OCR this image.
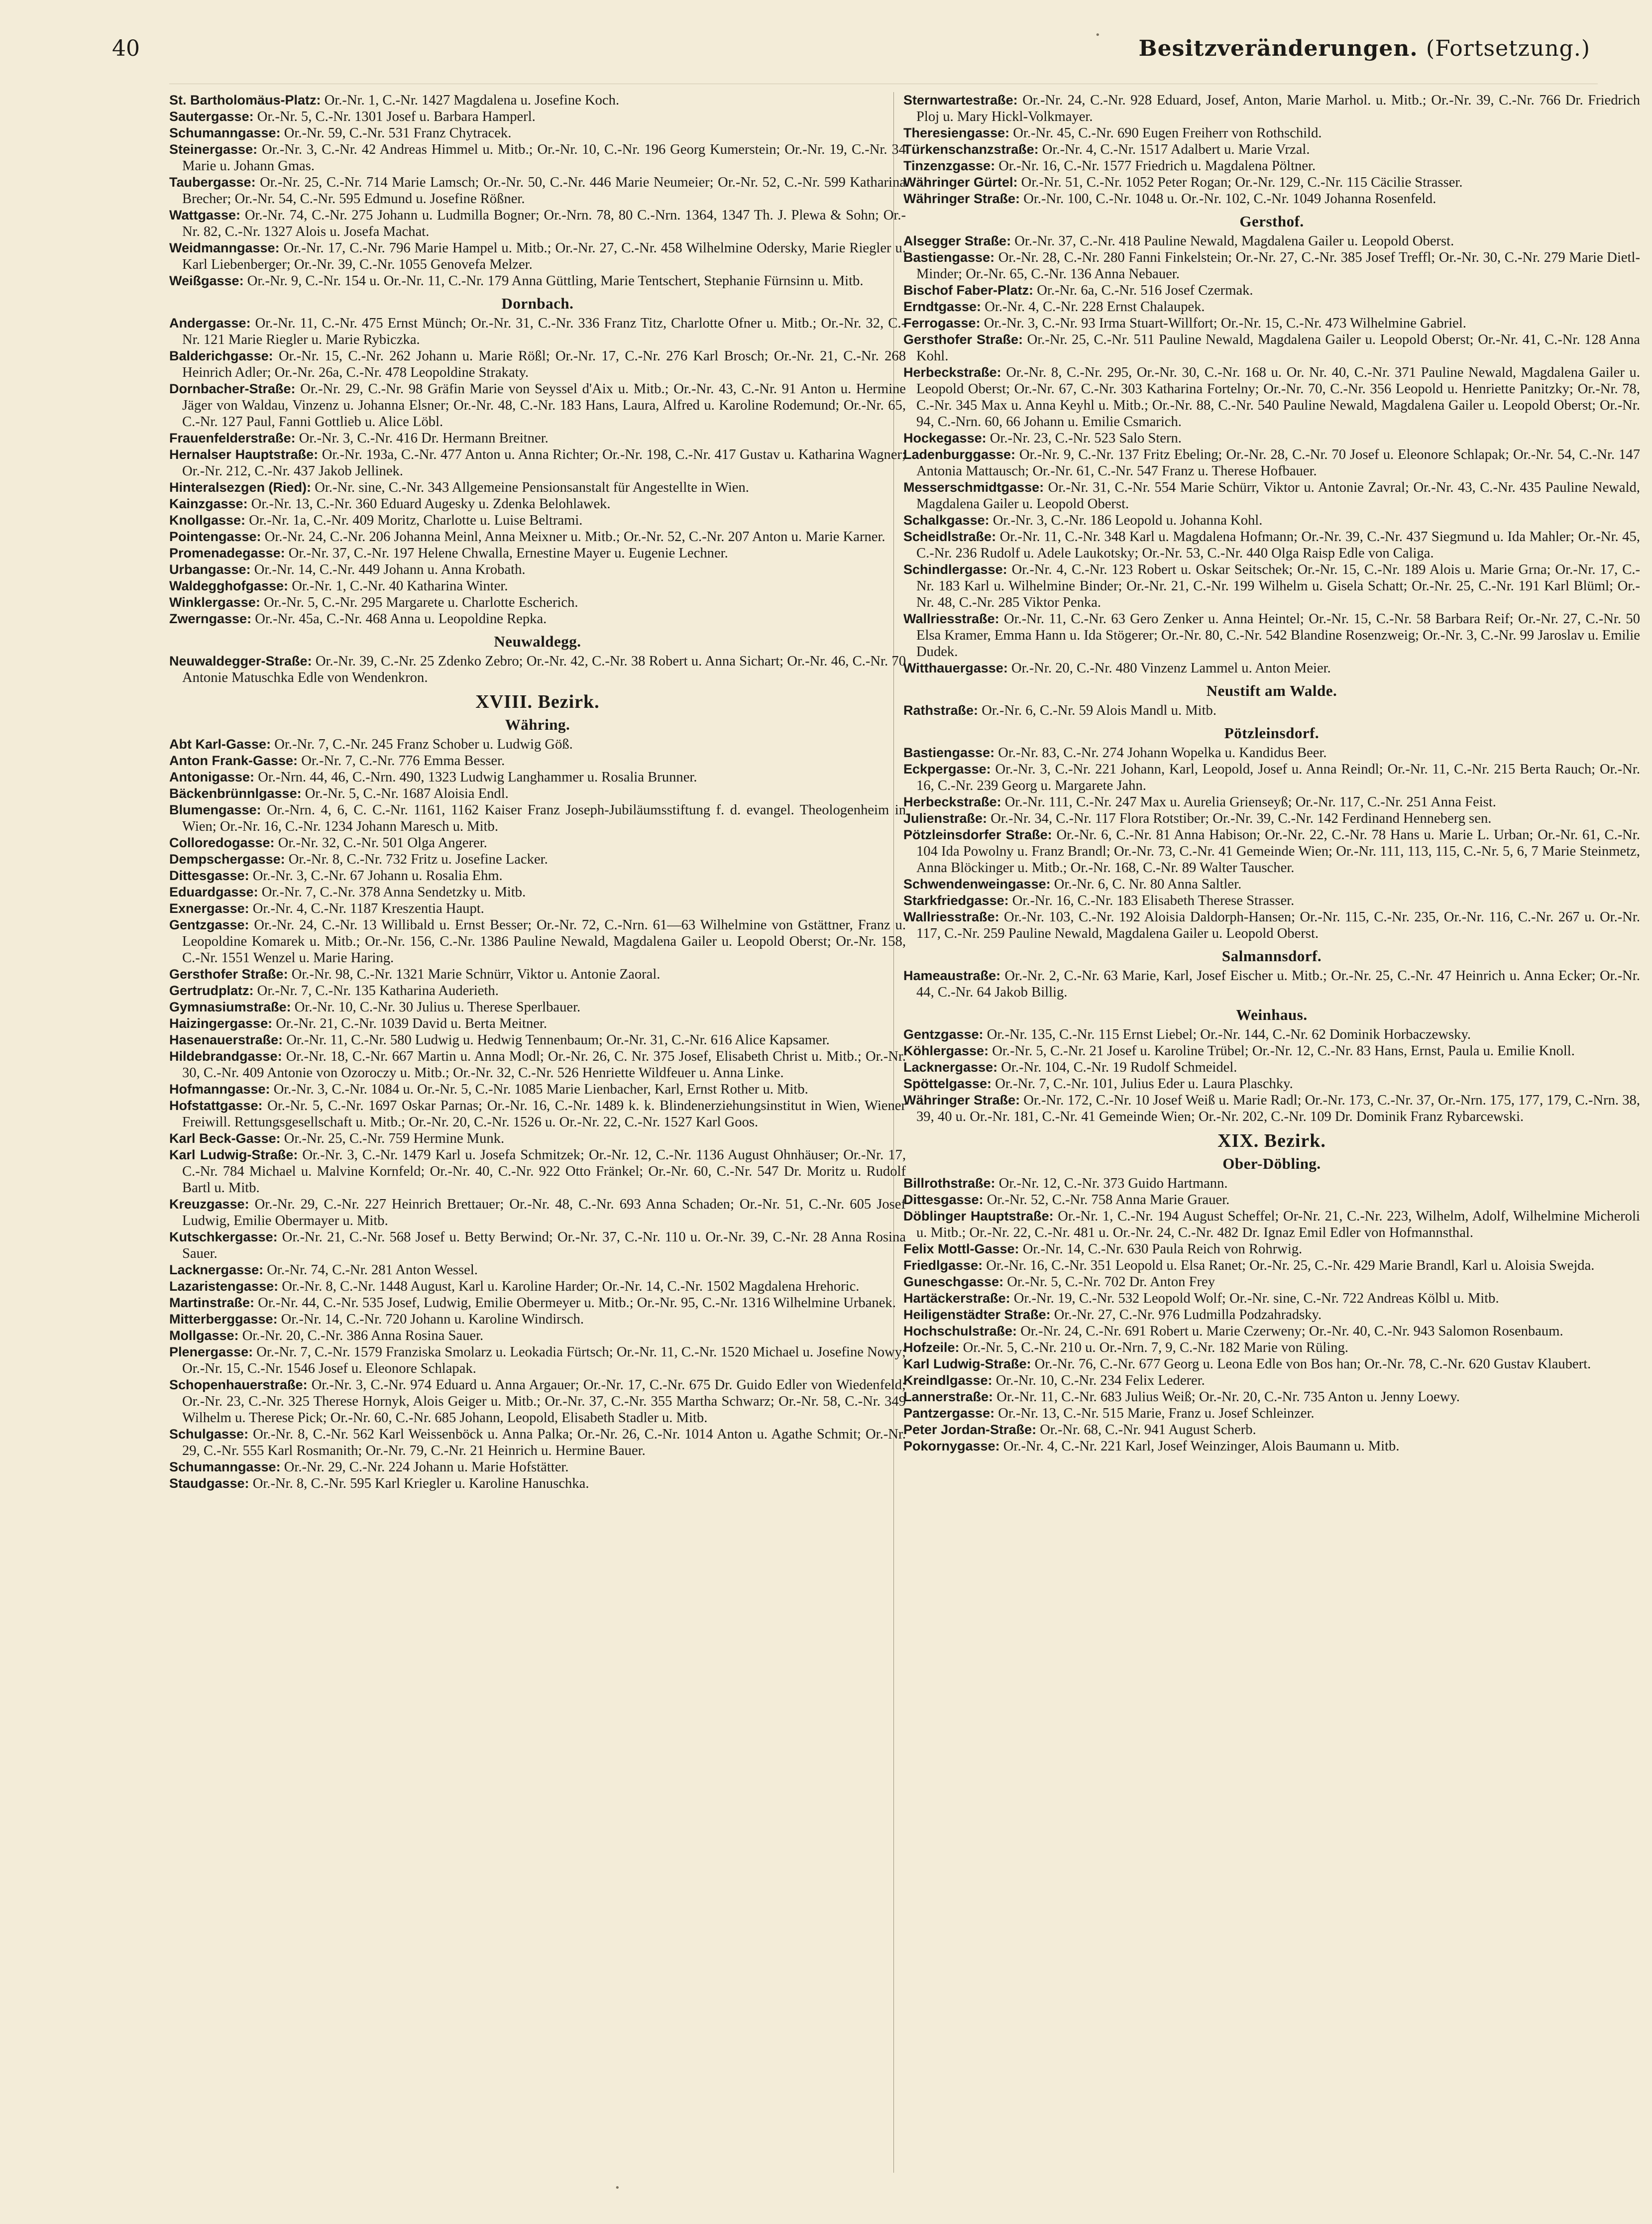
40	Besitzveränderungen. (Fortsetzung.)
•

St. Bartholomäus-Platz: Or.-Nr. 1, C.-Nr. 1427 Magdalena u. Josefine Koch.

Sautergasse: Or.-Nr. 5, C.-Nr. 1301 Josef u. Barbara Hamperl.

Schumanngasse: Or.-Nr. 59, C.-Nr. 531 Franz Chytracek.

Steinergasse: Or.-Nr. 3, C.-Nr. 42 Andreas Himmel u. Mitb.; Or.-Nr. 10, C.-Nr. 196 Georg Kumerstein; Or.-Nr. 19, C.-Nr. 34 Marie u. Johann Gmas.

Taubergasse: Or.-Nr. 25, C.-Nr. 714 Marie Lamsch; Or.-Nr. 50, C.-Nr. 446 Marie Neumeier; Or.-Nr. 52, C.-Nr. 599 Katharina Brecher; Or.-Nr. 54, C.-Nr. 595 Edmund u. Josefine Rößner.

Wattgasse: Or.-Nr. 74, C.-Nr. 275 Johann u. Ludmilla Bogner; Or.-Nrn. 78, 80 C.-Nrn. 1364, 1347 Th. J. Plewa & Sohn; Or.-Nr. 82, C.-Nr. 1327 Alois u. Josefa Machat.

Weidmanngasse: Or.-Nr. 17, C.-Nr. 796 Marie Hampel u. Mitb.; Or.-Nr. 27, C.-Nr. 458 Wilhelmine Odersky, Marie Riegler u. Karl Liebenberger; Or.-Nr. 39, C.-Nr. 1055 Genovefa Melzer.

Weißgasse: Or.-Nr. 9, C.-Nr. 154 u. Or.-Nr. 11, C.-Nr. 179 Anna Güttling, Marie Tentschert, Stephanie Fürnsinn u. Mitb.

Dornbach.

Andergasse: Or.-Nr. 11, C.-Nr. 475 Ernst Münch; Or.-Nr. 31, C.-Nr. 336 Franz Titz, Charlotte Ofner u. Mitb.; Or.-Nr. 32, C.-Nr. 121 Marie Riegler u. Marie Rybiczka.

Balderichgasse: Or.-Nr. 15, C.-Nr. 262 Johann u. Marie Rößl; Or.-Nr. 17, C.-Nr. 276 Karl Brosch; Or.-Nr. 21, C.-Nr. 268 Heinrich Adler; Or.-Nr. 26a, C.-Nr. 478 Leopoldine Strakaty.

Dornbacher-Straße: Or.-Nr. 29, C.-Nr. 98 Gräfin Marie von Seyssel d'Aix u. Mitb.; Or.-Nr. 43, C.-Nr. 91 Anton u. Hermine Jäger von Waldau, Vinzenz u. Johanna Elsner; Or.-Nr. 48, C.-Nr. 183 Hans, Laura, Alfred u. Karoline Rodemund; Or.-Nr. 65, C.-Nr. 127 Paul, Fanni Gottlieb u. Alice Löbl.

Frauenfelderstraße: Or.-Nr. 3, C.-Nr. 416 Dr. Hermann Breitner.

Hernalser Hauptstraße: Or.-Nr. 193a, C.-Nr. 477 Anton u. Anna Richter; Or.-Nr. 198, C.-Nr. 417 Gustav u. Katharina Wagner; Or.-Nr. 212, C.-Nr. 437 Jakob Jellinek.

Hinteralsezgen (Ried): Or.-Nr. sine, C.-Nr. 343 Allgemeine Pensionsanstalt für Angestellte in Wien.

Kainzgasse: Or.-Nr. 13, C.-Nr. 360 Eduard Augesky u. Zdenka Belohlawek.

Knollgasse: Or.-Nr. 1a, C.-Nr. 409 Moritz, Charlotte u. Luise Beltrami.

Pointengasse: Or.-Nr. 24, C.-Nr. 206 Johanna Meinl, Anna Meixner u. Mitb.; Or.-Nr. 52, C.-Nr. 207 Anton u. Marie Karner.

Promenadegasse: Or.-Nr. 37, C.-Nr. 197 Helene Chwalla, Ernestine Mayer u. Eugenie Lechner.

Urbangasse: Or.-Nr. 14, C.-Nr. 449 Johann u. Anna Krobath.

Waldegghofgasse: Or.-Nr. 1, C.-Nr. 40 Katharina Winter.

Winklergasse: Or.-Nr. 5, C.-Nr. 295 Margarete u. Charlotte Escherich.

Zwerngasse: Or.-Nr. 45a, C.-Nr. 468 Anna u. Leopoldine Repka.

Neuwaldegg.

Neuwaldegger-Straße: Or.-Nr. 39, C.-Nr. 25 Zdenko Zebro; Or.-Nr. 42, C.-Nr. 38 Robert u. Anna Sichart; Or.-Nr. 46, C.-Nr. 70 Antonie Matuschka Edle von Wendenkron.

XVIII. Bezirk.
Währing.

Abt Karl-Gasse: Or.-Nr. 7, C.-Nr. 245 Franz Schober u. Ludwig Göß.

Anton Frank-Gasse: Or.-Nr. 7, C.-Nr. 776 Emma Besser.

Antonigasse: Or.-Nrn. 44, 46, C.-Nrn. 490, 1323 Ludwig Langhammer u. Rosalia Brunner.

Bäckenbrünnlgasse: Or.-Nr. 5, C.-Nr. 1687 Aloisia Endl.

Blumengasse: Or.-Nrn. 4, 6, C. C.-Nr. 1161, 1162 Kaiser Franz Joseph-Jubiläumsstiftung f. d. evangel. Theologenheim in Wien; Or.-Nr. 16, C.-Nr. 1234 Johann Maresch u. Mitb.

Colloredogasse: Or.-Nr. 32, C.-Nr. 501 Olga Angerer.

Dempschergasse: Or.-Nr. 8, C.-Nr. 732 Fritz u. Josefine Lacker.

Dittesgasse: Or.-Nr. 3, C.-Nr. 67 Johann u. Rosalia Ehm.

Eduardgasse: Or.-Nr. 7, C.-Nr. 378 Anna Sendetzky u. Mitb.

Exnergasse: Or.-Nr. 4, C.-Nr. 1187 Kreszentia Haupt.

Gentzgasse: Or.-Nr. 24, C.-Nr. 13 Willibald u. Ernst Besser; Or.-Nr. 72, C.-Nrn. 61—63 Wilhelmine von Gstättner, Franz u. Leopoldine Komarek u. Mitb.; Or.-Nr. 156, C.-Nr. 1386 Pauline Newald, Magdalena Gailer u. Leopold Oberst; Or.-Nr. 158, C.-Nr. 1551 Wenzel u. Marie Haring.

Gersthofer Straße: Or.-Nr. 98, C.-Nr. 1321 Marie Schnürr, Viktor u. Antonie Zaoral.

Gertrudplatz: Or.-Nr. 7, C.-Nr. 135 Katharina Auderieth.

Gymnasiumstraße: Or.-Nr. 10, C.-Nr. 30 Julius u. Therese Sperlbauer.

Haizingergasse: Or.-Nr. 21, C.-Nr. 1039 David u. Berta Meitner.

Hasenauerstraße: Or.-Nr. 11, C.-Nr. 580 Ludwig u. Hedwig Tennenbaum; Or.-Nr. 31, C.-Nr. 616 Alice Kapsamer.

Hildebrandgasse: Or.-Nr. 18, C.-Nr. 667 Martin u. Anna Modl; Or.-Nr. 26, C. Nr. 375 Josef, Elisabeth Christ u. Mitb.; Or.-Nr. 30, C.-Nr. 409 Antonie von Ozoroczy u. Mitb.; Or.-Nr. 32, C.-Nr. 526 Henriette Wildfeuer u. Anna Linke.

Hofmanngasse: Or.-Nr. 3, C.-Nr. 1084 u. Or.-Nr. 5, C.-Nr. 1085 Marie Lienbacher, Karl, Ernst Rother u. Mitb.

Hofstattgasse: Or.-Nr. 5, C.-Nr. 1697 Oskar Parnas; Or.-Nr. 16, C.-Nr. 1489 k. k. Blindenerziehungsinstitut in Wien, Wiener Freiwill. Rettungsgesellschaft u. Mitb.; Or.-Nr. 20, C.-Nr. 1526 u. Or.-Nr. 22, C.-Nr. 1527 Karl Goos.

Karl Beck-Gasse: Or.-Nr. 25, C.-Nr. 759 Hermine Munk.

Karl Ludwig-Straße: Or.-Nr. 3, C.-Nr. 1479 Karl u. Josefa Schmitzek; Or.-Nr. 12, C.-Nr. 1136 August Ohnhäuser; Or.-Nr. 17, C.-Nr. 784 Michael u. Malvine Kornfeld; Or.-Nr. 40, C.-Nr. 922 Otto Fränkel; Or.-Nr. 60, C.-Nr. 547 Dr. Moritz u. Rudolf Bartl u. Mitb.

Kreuzgasse: Or.-Nr. 29, C.-Nr. 227 Heinrich Brettauer; Or.-Nr. 48, C.-Nr. 693 Anna Schaden; Or.-Nr. 51, C.-Nr. 605 Josef Ludwig, Emilie Obermayer u. Mitb.

Kutschkergasse: Or.-Nr. 21, C.-Nr. 568 Josef u. Betty Berwind; Or.-Nr. 37, C.-Nr. 110 u. Or.-Nr. 39, C.-Nr. 28 Anna Rosina Sauer.

Lacknergasse: Or.-Nr. 74, C.-Nr. 281 Anton Wessel.

Lazaristengasse: Or.-Nr. 8, C.-Nr. 1448 August, Karl u. Karoline Harder; Or.-Nr. 14, C.-Nr. 1502 Magdalena Hrehoric.

Martinstraße: Or.-Nr. 44, C.-Nr. 535 Josef, Ludwig, Emilie Obermeyer u. Mitb.; Or.-Nr. 95, C.-Nr. 1316 Wilhelmine Urbanek.

Mitterberggasse: Or.-Nr. 14, C.-Nr. 720 Johann u. Karoline Windirsch.

Mollgasse: Or.-Nr. 20, C.-Nr. 386 Anna Rosina Sauer.

Plenergasse: Or.-Nr. 7, C.-Nr. 1579 Franziska Smolarz u. Leokadia Fürtsch; Or.-Nr. 11, C.-Nr. 1520 Michael u. Josefine Nowy; Or.-Nr. 15, C.-Nr. 1546 Josef u. Eleonore Schlapak.

Schopenhauerstraße: Or.-Nr. 3, C.-Nr. 974 Eduard u. Anna Argauer; Or.-Nr. 17, C.-Nr. 675 Dr. Guido Edler von Wiedenfeld; Or.-Nr. 23, C.-Nr. 325 Therese Hornyk, Alois Geiger u. Mitb.; Or.-Nr. 37, C.-Nr. 355 Martha Schwarz; Or.-Nr. 58, C.-Nr. 349 Wilhelm u. Therese Pick; Or.-Nr. 60, C.-Nr. 685 Johann, Leopold, Elisabeth Stadler u. Mitb.

Schulgasse: Or.-Nr. 8, C.-Nr. 562 Karl Weissenböck u. Anna Palka; Or.-Nr. 26, C.-Nr. 1014 Anton u. Agathe Schmit; Or.-Nr. 29, C.-Nr. 555 Karl Rosmanith; Or.-Nr. 79, C.-Nr. 21 Heinrich u. Hermine Bauer.

Schumanngasse: Or.-Nr. 29, C.-Nr. 224 Johann u. Marie Hofstätter.

Staudgasse: Or.-Nr. 8, C.-Nr. 595 Karl Kriegler u. Karoline Hanuschka.

Sternwartestraße: Or.-Nr. 24, C.-Nr. 928 Eduard, Josef, Anton, Marie Marhol. u. Mitb.; Or.-Nr. 39, C.-Nr. 766 Dr. Friedrich Ploj u. Mary Hickl-Volkmayer.

Theresiengasse: Or.-Nr. 45, C.-Nr. 690 Eugen Freiherr von Rothschild.

Türkenschanzstraße: Or.-Nr. 4, C.-Nr. 1517 Adalbert u. Marie Vrzal.

Tinzenzgasse: Or.-Nr. 16, C.-Nr. 1577 Friedrich u. Magdalena Pöltner.

Währinger Gürtel: Or.-Nr. 51, C.-Nr. 1052 Peter Rogan; Or.-Nr. 129, C.-Nr. 115 Cäcilie Strasser.

Währinger Straße: Or.-Nr. 100, C.-Nr. 1048 u. Or.-Nr. 102, C.-Nr. 1049 Johanna Rosenfeld.

Gersthof.

Alsegger Straße: Or.-Nr. 37, C.-Nr. 418 Pauline Newald, Magdalena Gailer u. Leopold Oberst.

Bastiengasse: Or.-Nr. 28, C.-Nr. 280 Fanni Finkelstein; Or.-Nr. 27, C.-Nr. 385 Josef Treffl; Or.-Nr. 30, C.-Nr. 279 Marie Dietl-Minder; Or.-Nr. 65, C.-Nr. 136 Anna Nebauer.

Bischof Faber-Platz: Or.-Nr. 6a, C.-Nr. 516 Josef Czermak.

Erndtgasse: Or.-Nr. 4, C.-Nr. 228 Ernst Chalaupek.

Ferrogasse: Or.-Nr. 3, C.-Nr. 93 Irma Stuart-Willfort; Or.-Nr. 15, C.-Nr. 473 Wilhelmine Gabriel.

Gersthofer Straße: Or.-Nr. 25, C.-Nr. 511 Pauline Newald, Magdalena Gailer u. Leopold Oberst; Or.-Nr. 41, C.-Nr. 128 Anna Kohl.

Herbeckstraße: Or.-Nr. 8, C.-Nr. 295, Or.-Nr. 30, C.-Nr. 168 u. Or. Nr. 40, C.-Nr. 371 Pauline Newald, Magdalena Gailer u. Leopold Oberst; Or.-Nr. 67, C.-Nr. 303 Katharina Fortelny; Or.-Nr. 70, C.-Nr. 356 Leopold u. Henriette Panitzky; Or.-Nr. 78, C.-Nr. 345 Max u. Anna Keyhl u. Mitb.; Or.-Nr. 88, C.-Nr. 540 Pauline Newald, Magdalena Gailer u. Leopold Oberst; Or.-Nr. 94, C.-Nrn. 60, 66 Johann u. Emilie Csmarich.

Hockegasse: Or.-Nr. 23, C.-Nr. 523 Salo Stern.

Ladenburggasse: Or.-Nr. 9, C.-Nr. 137 Fritz Ebeling; Or.-Nr. 28, C.-Nr. 70 Josef u. Eleonore Schlapak; Or.-Nr. 54, C.-Nr. 147 Antonia Mattausch; Or.-Nr. 61, C.-Nr. 547 Franz u. Therese Hofbauer.

Messerschmidtgasse: Or.-Nr. 31, C.-Nr. 554 Marie Schürr, Viktor u. Antonie Zavral; Or.-Nr. 43, C.-Nr. 435 Pauline Newald, Magdalena Gailer u. Leopold Oberst.

Schalkgasse: Or.-Nr. 3, C.-Nr. 186 Leopold u. Johanna Kohl.

Scheidlstraße: Or.-Nr. 11, C.-Nr. 348 Karl u. Magdalena Hofmann; Or.-Nr. 39, C.-Nr. 437 Siegmund u. Ida Mahler; Or.-Nr. 45, C.-Nr. 236 Rudolf u. Adele Laukotsky; Or.-Nr. 53, C.-Nr. 440 Olga Raisp Edle von Caliga.

Schindlergasse: Or.-Nr. 4, C.-Nr. 123 Robert u. Oskar Seitschek; Or.-Nr. 15, C.-Nr. 189 Alois u. Marie Grna; Or.-Nr. 17, C.-Nr. 183 Karl u. Wilhelmine Binder; Or.-Nr. 21, C.-Nr. 199 Wilhelm u. Gisela Schatt; Or.-Nr. 25, C.-Nr. 191 Karl Blüml; Or.-Nr. 48, C.-Nr. 285 Viktor Penka.

Wallriesstraße: Or.-Nr. 11, C.-Nr. 63 Gero Zenker u. Anna Heintel; Or.-Nr. 15, C.-Nr. 58 Barbara Reif; Or.-Nr. 27, C.-Nr. 50 Elsa Kramer, Emma Hann u. Ida Stögerer; Or.-Nr. 80, C.-Nr. 542 Blandine Rosenzweig; Or.-Nr. 3, C.-Nr. 99 Jaroslav u. Emilie Dudek.

Witthauergasse: Or.-Nr. 20, C.-Nr. 480 Vinzenz Lammel u. Anton Meier.

Neustift am Walde.

Rathstraße: Or.-Nr. 6, C.-Nr. 59 Alois Mandl u. Mitb.

Pötzleinsdorf.

Bastiengasse: Or.-Nr. 83, C.-Nr. 274 Johann Wopelka u. Kandidus Beer.

Eckpergasse: Or.-Nr. 3, C.-Nr. 221 Johann, Karl, Leopold, Josef u. Anna Reindl; Or.-Nr. 11, C.-Nr. 215 Berta Rauch; Or.-Nr. 16, C.-Nr. 239 Georg u. Margarete Jahn.

Herbeckstraße: Or.-Nr. 111, C.-Nr. 247 Max u. Aurelia Grienseyß; Or.-Nr. 117, C.-Nr. 251 Anna Feist.

Julienstraße: Or.-Nr. 34, C.-Nr. 117 Flora Rotstiber; Or.-Nr. 39, C.-Nr. 142 Ferdinand Henneberg sen.

Pötzleinsdorfer Straße: Or.-Nr. 6, C.-Nr. 81 Anna Habison; Or.-Nr. 22, C.-Nr. 78 Hans u. Marie L. Urban; Or.-Nr. 61, C.-Nr. 104 Ida Powolny u. Franz Brandl; Or.-Nr. 73, C.-Nr. 41 Gemeinde Wien; Or.-Nr. 111, 113, 115, C.-Nr. 5, 6, 7 Marie Steinmetz, Anna Blöckinger u. Mitb.; Or.-Nr. 168, C.-Nr. 89 Walter Tauscher.

Schwendenweingasse: Or.-Nr. 6, C. Nr. 80 Anna Saltler.

Starkfriedgasse: Or.-Nr. 16, C.-Nr. 183 Elisabeth Therese Strasser.

Wallriesstraße: Or.-Nr. 103, C.-Nr. 192 Aloisia Daldorph-Hansen; Or.-Nr. 115, C.-Nr. 235, Or.-Nr. 116, C.-Nr. 267 u. Or.-Nr. 117, C.-Nr. 259 Pauline Newald, Magdalena Gailer u. Leopold Oberst.

Salmannsdorf.

Hameaustraße: Or.-Nr. 2, C.-Nr. 63 Marie, Karl, Josef Eischer u. Mitb.; Or.-Nr. 25, C.-Nr. 47 Heinrich u. Anna Ecker; Or.-Nr. 44, C.-Nr. 64 Jakob Billig.

Weinhaus.

Gentzgasse: Or.-Nr. 135, C.-Nr. 115 Ernst Liebel; Or.-Nr. 144, C.-Nr. 62 Dominik Horbaczewsky.

Köhlergasse: Or.-Nr. 5, C.-Nr. 21 Josef u. Karoline Trübel; Or.-Nr. 12, C.-Nr. 83 Hans, Ernst, Paula u. Emilie Knoll.

Lacknergasse: Or.-Nr. 104, C.-Nr. 19 Rudolf Schmeidel.

Spöttelgasse: Or.-Nr. 7, C.-Nr. 101, Julius Eder u. Laura Plaschky.

Währinger Straße: Or.-Nr. 172, C.-Nr. 10 Josef Weiß u. Marie Radl; Or.-Nr. 173, C.-Nr. 37, Or.-Nrn. 175, 177, 179, C.-Nrn. 38, 39, 40 u. Or.-Nr. 181, C.-Nr. 41 Gemeinde Wien; Or.-Nr. 202, C.-Nr. 109 Dr. Dominik Franz Rybarcewski.

XIX. Bezirk.
Ober-Döbling.

Billrothstraße: Or.-Nr. 12, C.-Nr. 373 Guido Hartmann.

Dittesgasse: Or.-Nr. 52, C.-Nr. 758 Anna Marie Grauer.

Döblinger Hauptstraße: Or.-Nr. 1, C.-Nr. 194 August Scheffel; Or-Nr. 21, C.-Nr. 223, Wilhelm, Adolf, Wilhelmine Micheroli u. Mitb.; Or.-Nr. 22, C.-Nr. 481 u. Or.-Nr. 24, C.-Nr. 482 Dr. Ignaz Emil Edler von Hofmannsthal.

Felix Mottl-Gasse: Or.-Nr. 14, C.-Nr. 630 Paula Reich von Rohrwig.

Friedlgasse: Or.-Nr. 16, C.-Nr. 351 Leopold u. Elsa Ranet; Or.-Nr. 25, C.-Nr. 429 Marie Brandl, Karl u. Aloisia Swejda.

Guneschgasse: Or.-Nr. 5, C.-Nr. 702 Dr. Anton Frey

Hartäckerstraße: Or.-Nr. 19, C.-Nr. 532 Leopold Wolf; Or.-Nr. sine, C.-Nr. 722 Andreas Kölbl u. Mitb.

Heiligenstädter Straße: Or.-Nr. 27, C.-Nr. 976 Ludmilla Podzahradsky.

Hochschulstraße: Or.-Nr. 24, C.-Nr. 691 Robert u. Marie Czerweny; Or.-Nr. 40, C.-Nr. 943 Salomon Rosenbaum.

Hofzeile: Or.-Nr. 5, C.-Nr. 210 u. Or.-Nrn. 7, 9, C.-Nr. 182 Marie von Rüling.

Karl Ludwig-Straße: Or.-Nr. 76, C.-Nr. 677 Georg u. Leona Edle von Bos han; Or.-Nr. 78, C.-Nr. 620 Gustav Klaubert.

Kreindlgasse: Or.-Nr. 10, C.-Nr. 234 Felix Lederer.

Lannerstraße: Or.-Nr. 11, C.-Nr. 683 Julius Weiß; Or.-Nr. 20, C.-Nr. 735 Anton u. Jenny Loewy.

Pantzergasse: Or.-Nr. 13, C.-Nr. 515 Marie, Franz u. Josef Schleinzer.

Peter Jordan-Straße: Or.-Nr. 68, C.-Nr. 941 August Scherb.

Pokornygasse: Or.-Nr. 4, C.-Nr. 221 Karl, Josef Weinzinger, Alois Baumann u. Mitb.

•
